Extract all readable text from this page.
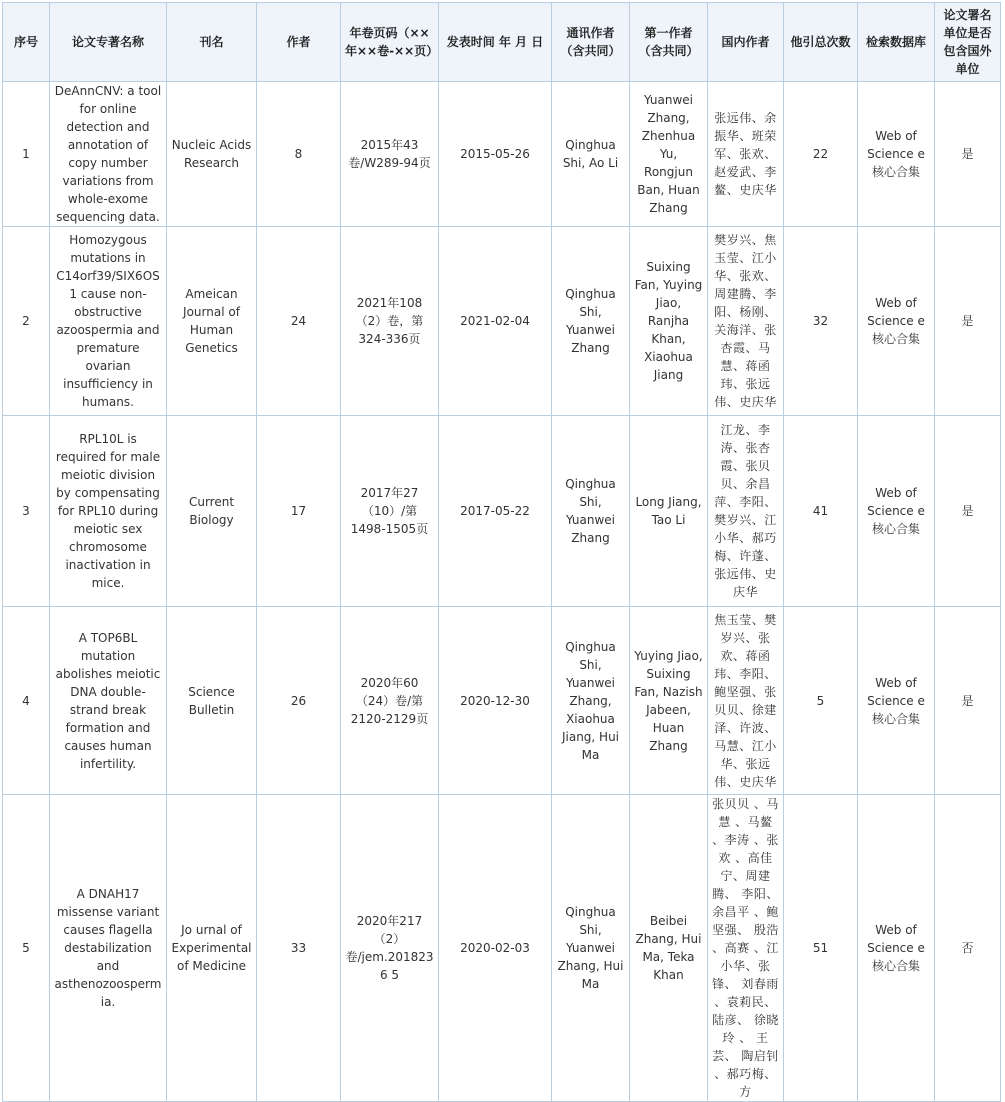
序号	论文专著名称	刊名	作者	年卷页码（××年××卷-××页）	发表时间 年 月 日	通讯作者（含共同）	第一作者（含共同）	国内作者	他引总次数	检索数据库	论文署名单位是否包含国外单位
1	DeAnnCNV: a tool for online detection and annotation of copy number variations from whole-exome sequencing data.	Nucleic Acids Research	8	2015年43卷/W289-94页	2015-05-26	Qinghua Shi, Ao Li	Yuanwei Zhang, Zhenhua Yu, Rongjun Ban, Huan Zhang	张远伟、余振华、班荣军、张欢、赵爱武、李鳌、史庆华	22	Web of Science e核心合集	是
2	Homozygous mutations in C14orf39/SIX6OS1 cause non-obstructive azoospermia and premature ovarian insufficiency in humans.	Ameican Journal of Human Genetics	24	2021年108（2）卷，第324-336页	2021-02-04	Qinghua Shi, Yuanwei Zhang	Suixing Fan, Yuying Jiao, Ranjha Khan, Xiaohua Jiang	樊岁兴、焦玉莹、江小华、张欢、周建腾、李阳、杨刚、关海洋、张杏霞、马慧、蒋函玮、张远伟、史庆华	32	Web of Science e核心合集	是
3	RPL10L is required for male meiotic division by compensating for RPL10 during meiotic sex chromosome inactivation in mice.	Current Biology	17	2017年27（10）/第1498-1505页	2017-05-22	Qinghua Shi, Yuanwei Zhang	Long Jiang, Tao Li	江龙、李涛、张杏霞、张贝贝、余昌萍、李阳、樊岁兴、江小华、郝巧梅、许蓬、张远伟、史庆华	41	Web of Science e核心合集	是
4	A TOP6BL mutation abolishes meiotic DNA double-strand break formation and causes human infertility.	Science Bulletin	26	2020年60（24）卷/第2120-2129页	2020-12-30	Qinghua Shi, Yuanwei Zhang, Xiaohua Jiang, Hui Ma	Yuying Jiao, Suixing Fan, Nazish Jabeen, Huan Zhang	焦玉莹、樊岁兴、张欢、蒋函玮、李阳、鲍坚强、张贝贝、徐建泽、许波、马慧、江小华、张远伟、史庆华	5	Web of Science e核心合集	是
5	A DNAH17 missense variant causes flagella destabilization and asthenozoospermia.	Jo urnal of Experimental of Medicine	33	2020年217（2）卷/jem.2018236 5	2020-02-03	Qinghua Shi, Yuanwei Zhang, Hui Ma	Beibei Zhang, Hui Ma, Teka Khan	张贝贝 、马慧 、马鳌 、李涛 、张欢 、高佳宁、周建腾、 李阳、 余昌平 、鲍坚强、 殷浩 、高赛 、江小华、张锋、 刘春雨 、袁莉民、 陆彦、 徐晓玲 、 王芸、 陶启钊 、郝巧梅、方	51	Web of Science e核心合集	否
